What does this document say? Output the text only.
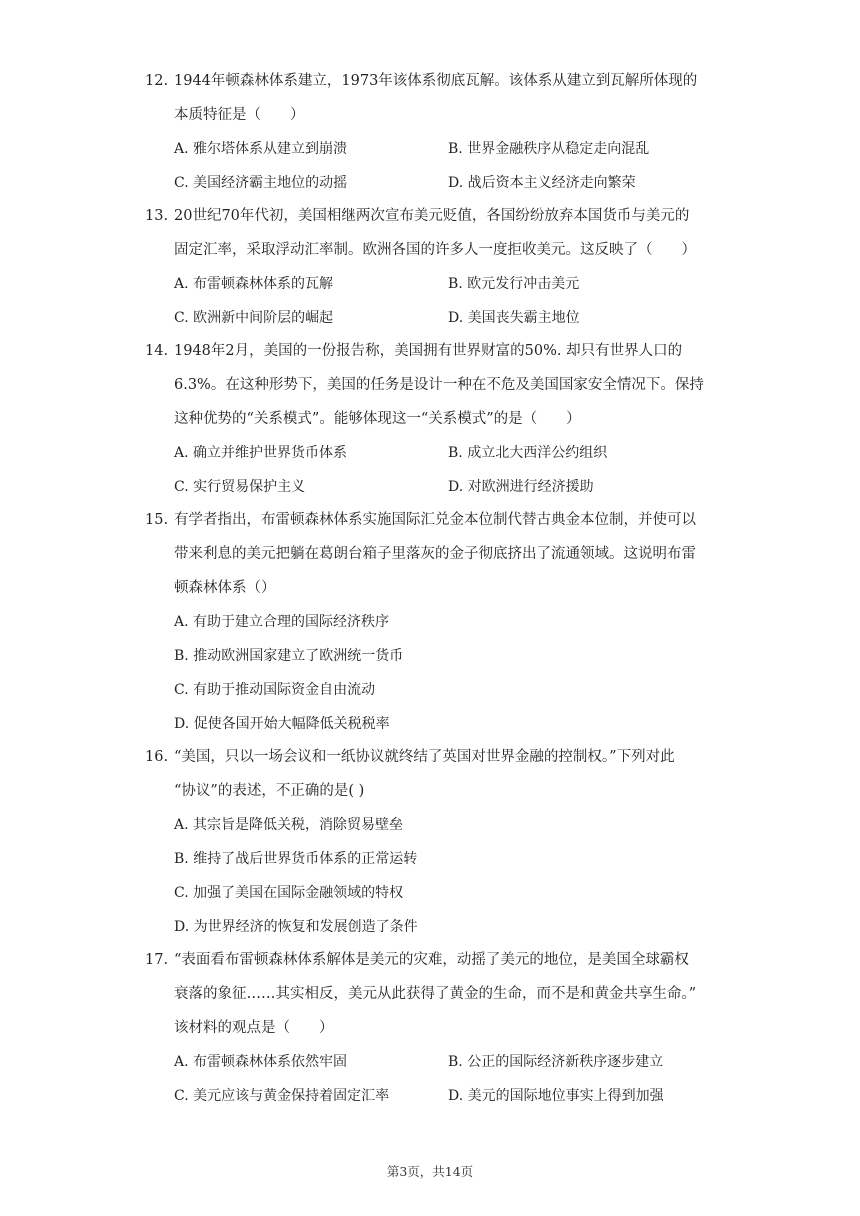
12. 1944年顿森林体系建立，1973年该体系彻底瓦解。该体系从建立到瓦解所体现的
本质特征是（　　）
A. 雅尔塔体系从建立到崩溃	B. 世界金融秩序从稳定走向混乱
C. 美国经济霸主地位的动摇	D. 战后资本主义经济走向繁荣
13. 20世纪70年代初，美国相继两次宣布美元贬值，各国纷纷放弃本国货币与美元的
固定汇率，采取浮动汇率制。欧洲各国的许多人一度拒收美元。这反映了（　　）
A. 布雷顿森林体系的瓦解	B. 欧元发行冲击美元
C. 欧洲新中间阶层的崛起	D. 美国丧失霸主地位
14. 1948年2月，美国的一份报告称，美国拥有世界财富的50%. 却只有世界人口的
6.3%。在这种形势下，美国的任务是设计一种在不危及美国国家安全情况下。保持
这种优势的“关系模式”。能够体现这一“关系模式”的是（　　）
A. 确立并维护世界货币体系	B. 成立北大西洋公约组织
C. 实行贸易保护主义	D. 对欧洲进行经济援助
15. 有学者指出，布雷顿森林体系实施国际汇兑金本位制代替古典金本位制，并使可以
带来利息的美元把躺在葛朗台箱子里落灰的金子彻底挤出了流通领域。这说明布雷
顿森林体系（）
A. 有助于建立合理的国际经济秩序
B. 推动欧洲国家建立了欧洲统一货币
C. 有助于推动国际资金自由流动
D. 促使各国开始大幅降低关税税率
16. “美国，只以一场会议和一纸协议就终结了英国对世界金融的控制权。”下列对此
“协议”的表述，不正确的是( )
A. 其宗旨是降低关税，消除贸易壁垒
B. 维持了战后世界货币体系的正常运转
C. 加强了美国在国际金融领域的特权
D. 为世界经济的恢复和发展创造了条件
17. “表面看布雷顿森林体系解体是美元的灾难，动摇了美元的地位，是美国全球霸权
衰落的象征……其实相反，美元从此获得了黄金的生命，而不是和黄金共享生命。”
该材料的观点是（　　）
A. 布雷顿森林体系依然牢固	B. 公正的国际经济新秩序逐步建立
C. 美元应该与黄金保持着固定汇率	D. 美元的国际地位事实上得到加强
第3页，共14页
